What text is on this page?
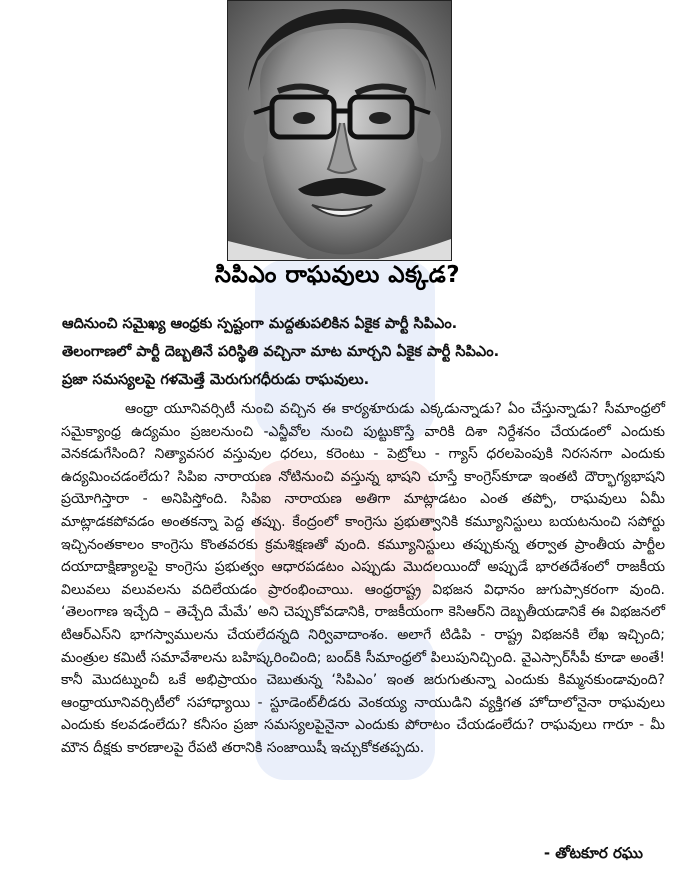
సిపిఎం రాఘవులు ఎక్కడ?
ఆదినుంచి సమైఖ్య ఆంధ్రకు స్పష్టంగా మద్దతుపలికిన ఏకైక పార్టీ సిపిఎం.
తెలంగాణలో పార్టీ దెబ్బతినే పరిస్థితి వచ్చినా మాట మార్చని ఏకైక పార్టీ సిపిఎం.
ప్రజా సమస్యలపై గళమెత్తే మెరుగుగధీరుడు రాఘవులు.

ఆంధ్రా యూనివర్సిటీ నుంచి వచ్చిన ఈ కార్యశూరుడు ఎక్కడున్నాడు? ఏం చేస్తున్నాడు? సీమాంధ్రలో సమైక్యాంధ్ర ఉద్యమం ప్రజలనుంచి -ఎన్జీవోల నుంచి పుట్టుకొస్తే వారికి దిశా నిర్దేశనం చేయడంలో ఎందుకు వెనకడుగేసింది? నిత్యావసర వస్తువుల ధరలు, కరెంటు - పెట్రోలు - గ్యాస్ ధరలపెంపుకి నిరసనగా ఎందుకు ఉద్యమించడంలేదు? సిపిఐ నారాయణ నోటినుంచి వస్తున్న భాషని చూస్తే కాంగ్రెస్‌కూడా ఇంతటి దౌర్భాగ్యభాషని ప్రయోగిస్తారా - అనిపిస్తోంది. సిపిఐ నారాయణ అతిగా మాట్లాడటం ఎంత తప్పో, రాఘవులు ఏమీ మాట్లాడకపోవడం అంతకన్నా పెద్ద తప్పు. కేంద్రంలో కాంగ్రెసు ప్రభుత్వానికి కమ్యూనిస్టులు బయటనుంచి సపోర్టు ఇచ్చినంతకాలం కాంగ్రెసు కొంతవరకు క్రమశిక్షణతో వుంది. కమ్యూనిస్టులు తప్పుకున్న తర్వాత ప్రాంతీయ పార్టీల దయాదాక్షిణ్యాలపై కాంగ్రెసు ప్రభుత్వం ఆధారపడటం ఎప్పుడు మొదలయిందో అప్పుడే భారతదేశంలో రాజకీయ విలువలు వలువలను వదిలేయడం ప్రారంభించాయి. ఆంధ్రరాష్ట్ర విభజన విధానం జుగుప్సాకరంగా వుంది. ‘తెలంగాణ ఇచ్చేది – తెచ్చేది మేమే’ అని చెప్పుకోవడానికి, రాజకీయంగా కెసిఆర్‌ని దెబ్బతీయడానికే ఈ విభజనలో టిఆర్ఎస్‌ని భాగస్వాములను చేయలేదన్నది నిర్వివాదాంశం. అలాగే టిడిపి - రాష్ట్ర విభజనకి లేఖ ఇచ్చింది; మంత్రుల కమిటీ సమావేశాలను బహిష్కరించింది; బంద్‌కి సీమాంధ్రలో పిలుపునిచ్చింది. వైఎస్సార్‌సీపీ కూడా అంతే! కానీ మొదట్నుంచీ ఒకే అభిప్రాయం చెబుతున్న ‘సిపిఎం’ ఇంత జరుగుతున్నా ఎందుకు కిమ్మనకుండావుంది? ఆంధ్రాయూనివర్సిటీలో సహాధ్యాయి - స్టూడెంట్‌లీడరు వెంకయ్య నాయుడిని వ్యక్తిగత హోదాలోనైనా రాఘవులు ఎందుకు కలవడంలేదు? కనీసం ప్రజా సమస్యలపైనైనా ఎందుకు పోరాటం చేయడంలేదు? రాఘవులు గారూ - మీ మౌన దీక్షకు కారణాలపై రేపటి తరానికి సంజాయిషీ ఇచ్చుకోకతప్పదు.

- తోటకూర రఘు
